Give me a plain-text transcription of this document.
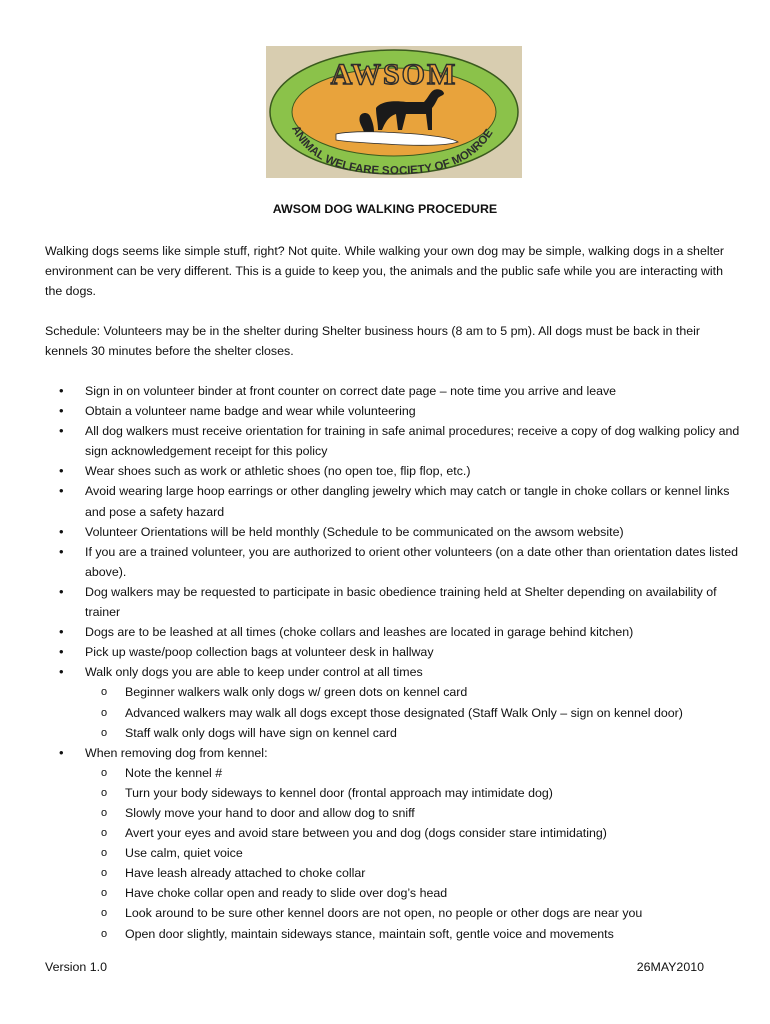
ANIMAL WELFARE SOCIETY OF MONROE
AWSOM
AWSOM DOG WALKING PROCEDURE

Walking dogs seems like simple stuff, right? Not quite. While walking your own dog may be simple, walking dogs in a shelter environment can be very different. This is a guide to keep you, the animals and the public safe while you are interacting with the dogs.

Schedule: Volunteers may be in the shelter during Shelter business hours (8 am to 5 pm). All dogs must be back in their kennels 30 minutes before the shelter closes.

• Sign in on volunteer binder at front counter on correct date page – note time you arrive and leave
• Obtain a volunteer name badge and wear while volunteering
• All dog walkers must receive orientation for training in safe animal procedures; receive a copy of dog walking policy and sign acknowledgement receipt for this policy
• Wear shoes such as work or athletic shoes (no open toe, flip flop, etc.)
• Avoid wearing large hoop earrings or other dangling jewelry which may catch or tangle in choke collars or kennel links and pose a safety hazard
• Volunteer Orientations will be held monthly (Schedule to be communicated on the awsom website)
• If you are a trained volunteer, you are authorized to orient other volunteers (on a date other than orientation dates listed above).
• Dog walkers may be requested to participate in basic obedience training held at Shelter depending on availability of trainer
• Dogs are to be leashed at all times (choke collars and leashes are located in garage behind kitchen)
• Pick up waste/poop collection bags at volunteer desk in hallway
• Walk only dogs you are able to keep under control at all times
o Beginner walkers walk only dogs w/ green dots on kennel card
o Advanced walkers may walk all dogs except those designated (Staff Walk Only – sign on kennel door)
o Staff walk only dogs will have sign on kennel card
• When removing dog from kennel:
o Note the kennel #
o Turn your body sideways to kennel door (frontal approach may intimidate dog)
o Slowly move your hand to door and allow dog to sniff
o Avert your eyes and avoid stare between you and dog (dogs consider stare intimidating)
o Use calm, quiet voice
o Have leash already attached to choke collar
o Have choke collar open and ready to slide over dog’s head
o Look around to be sure other kennel doors are not open, no people or other dogs are near you
o Open door slightly, maintain sideways stance, maintain soft, gentle voice and movements
Version 1.0	26MAY2010
